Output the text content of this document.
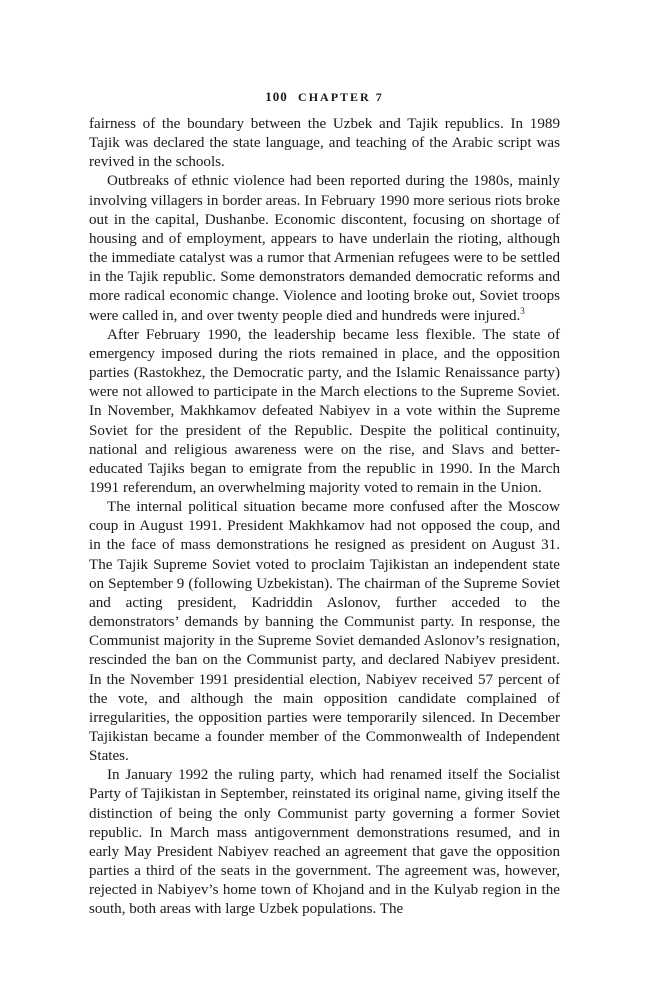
100 CHAPTER 7

fairness of the boundary between the Uzbek and Tajik republics. In 1989 Tajik was declared the state language, and teaching of the Arabic script was revived in the schools.

Outbreaks of ethnic violence had been reported during the 1980s, mainly involving villagers in border areas. In February 1990 more serious riots broke out in the capital, Dushanbe. Economic discontent, focusing on shortage of housing and of employment, appears to have underlain the rioting, although the immediate catalyst was a rumor that Armenian refugees were to be settled in the Tajik republic. Some demonstrators demanded democratic reforms and more radical economic change. Violence and looting broke out, Soviet troops were called in, and over twenty people died and hundreds were injured.$^3$

After February 1990, the leadership became less flexible. The state of emergency imposed during the riots remained in place, and the opposition parties (Rastokhez, the Democratic party, and the Islamic Renaissance party) were not allowed to participate in the March elections to the Supreme Soviet. In November, Makhkamov defeated Nabiyev in a vote within the Supreme Soviet for the president of the Republic. Despite the political continuity, national and religious awareness were on the rise, and Slavs and better-educated Tajiks began to emigrate from the republic in 1990. In the March 1991 referendum, an overwhelming majority voted to remain in the Union.

The internal political situation became more confused after the Moscow coup in August 1991. President Makhkamov had not opposed the coup, and in the face of mass demonstrations he resigned as president on August 31. The Tajik Supreme Soviet voted to proclaim Tajikistan an independent state on September 9 (following Uzbekistan). The chairman of the Supreme Soviet and acting president, Kadriddin Aslonov, further acceded to the demonstrators’ demands by banning the Communist party. In response, the Communist majority in the Supreme Soviet demanded Aslonov’s resignation, rescinded the ban on the Communist party, and declared Nabiyev president. In the November 1991 presidential election, Nabiyev received 57 percent of the vote, and although the main opposition candidate complained of irregularities, the opposition parties were temporarily silenced. In December Tajikistan became a founder member of the Commonwealth of Independent States.

In January 1992 the ruling party, which had renamed itself the Socialist Party of Tajikistan in September, reinstated its original name, giving itself the distinction of being the only Communist party governing a former Soviet republic. In March mass antigovernment demonstrations resumed, and in early May President Nabiyev reached an agreement that gave the opposition parties a third of the seats in the government. The agreement was, however, rejected in Nabiyev’s home town of Khojand and in the Kulyab region in the south, both areas with large Uzbek populations. The
